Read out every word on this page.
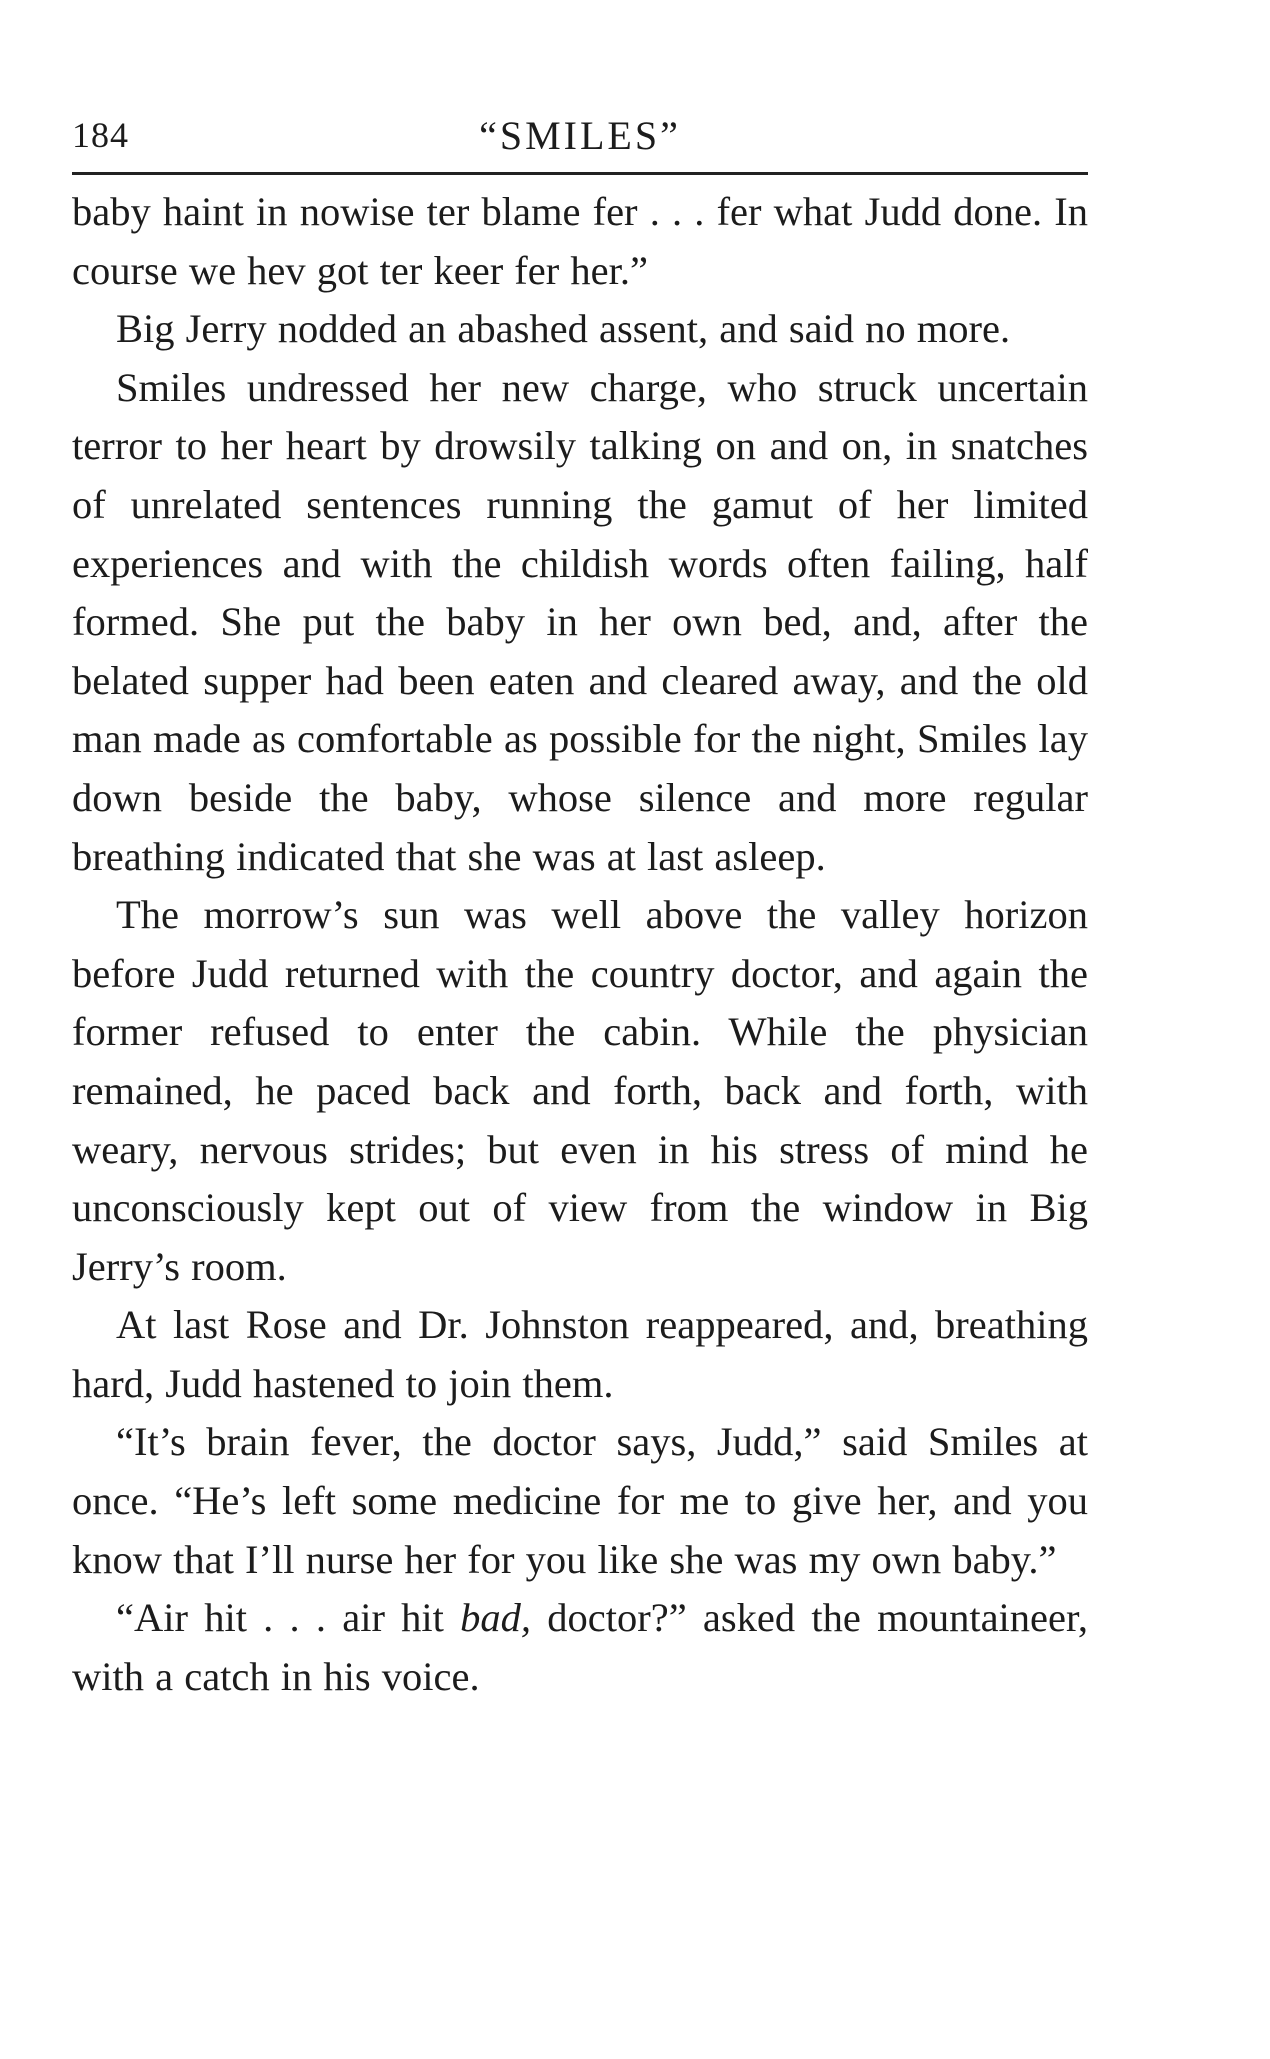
184	“SMILES”

baby haint in nowise ter blame fer . . . fer what Judd done. In course we hev got ter keer fer her.”

Big Jerry nodded an abashed assent, and said no more.

Smiles undressed her new charge, who struck uncertain terror to her heart by drowsily talking on and on, in snatches of unrelated sentences running the gamut of her limited experiences and with the childish words often failing, half formed. She put the baby in her own bed, and, after the belated supper had been eaten and cleared away, and the old man made as comfortable as possible for the night, Smiles lay down beside the baby, whose silence and more regular breathing indicated that she was at last asleep.

The morrow’s sun was well above the valley horizon before Judd returned with the country doctor, and again the former refused to enter the cabin. While the physician remained, he paced back and forth, back and forth, with weary, nervous strides; but even in his stress of mind he unconsciously kept out of view from the window in Big Jerry’s room.

At last Rose and Dr. Johnston reappeared, and, breathing hard, Judd hastened to join them.

“It’s brain fever, the doctor says, Judd,” said Smiles at once. “He’s left some medicine for me to give her, and you know that I’ll nurse her for you like she was my own baby.”

“Air hit . . . air hit bad, doctor?” asked the mountaineer, with a catch in his voice.
